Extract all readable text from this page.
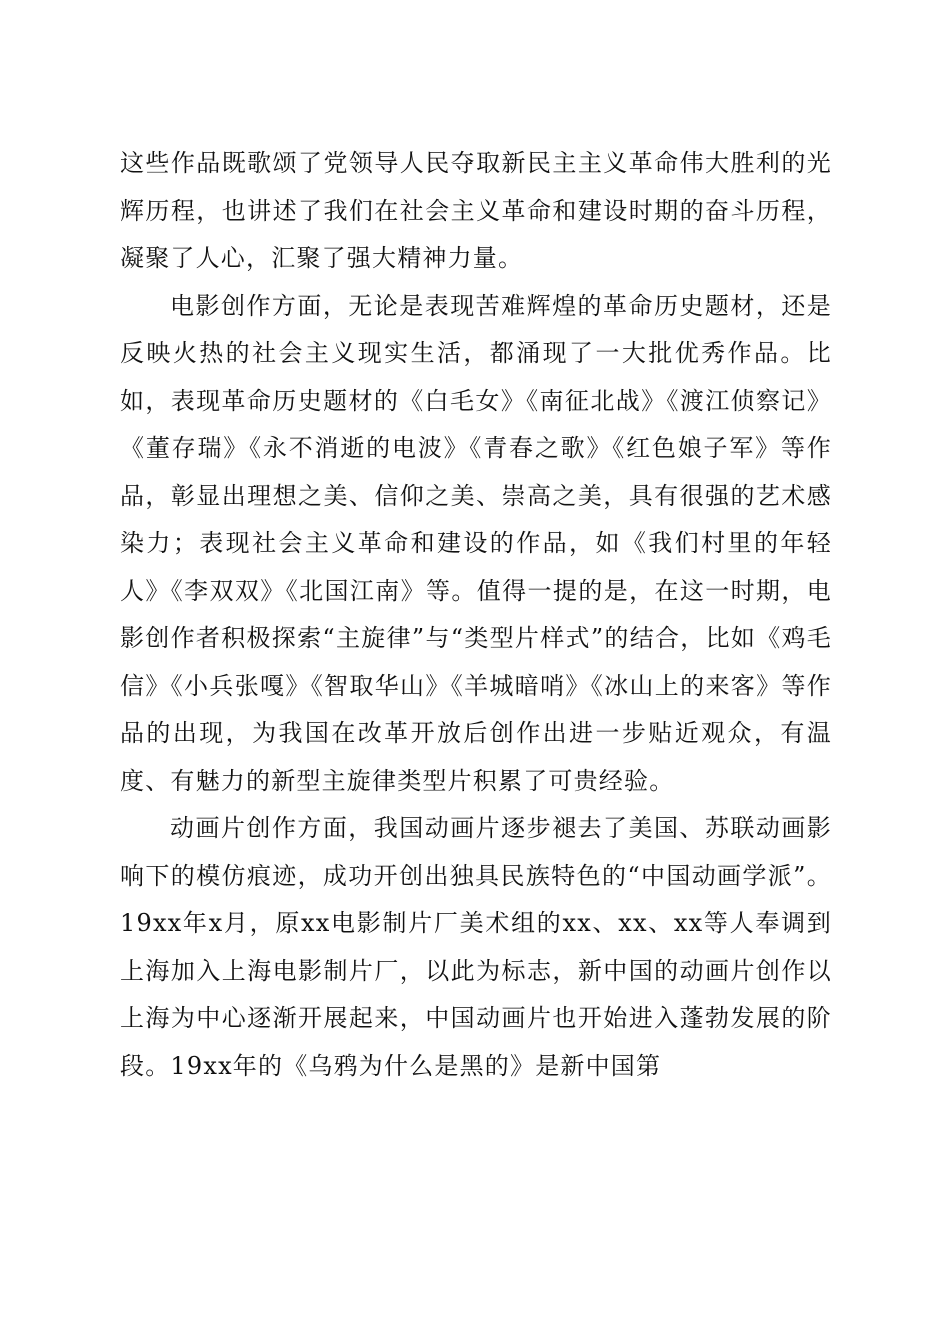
这些作品既歌颂了党领导人民夺取新民主主义革命伟大胜利的光辉历程，也讲述了我们在社会主义革命和建设时期的奋斗历程，凝聚了人心，汇聚了强大精神力量。

电影创作方面，无论是表现苦难辉煌的革命历史题材，还是反映火热的社会主义现实生活，都涌现了一大批优秀作品。比如，表现革命历史题材的《白毛女》《南征北战》《渡江侦察记》《董存瑞》《永不消逝的电波》《青春之歌》《红色娘子军》等作品，彰显出理想之美、信仰之美、崇高之美，具有很强的艺术感染力；表现社会主义革命和建设的作品，如《我们村里的年轻人》《李双双》《北国江南》等。值得一提的是，在这一时期，电影创作者积极探索“主旋律”与“类型片样式”的结合，比如《鸡毛信》《小兵张嘎》《智取华山》《羊城暗哨》《冰山上的来客》等作品的出现，为我国在改革开放后创作出进一步贴近观众，有温度、有魅力的新型主旋律类型片积累了可贵经验。

动画片创作方面，我国动画片逐步褪去了美国、苏联动画影响下的模仿痕迹，成功开创出独具民族特色的“中国动画学派”。19xx年x月，原xx电影制片厂美术组的xx、xx、xx等人奉调到上海加入上海电影制片厂，以此为标志，新中国的动画片创作以上海为中心逐渐开展起来，中国动画片也开始进入蓬勃发展的阶段。19xx年的《乌鸦为什么是黑的》是新中国第
